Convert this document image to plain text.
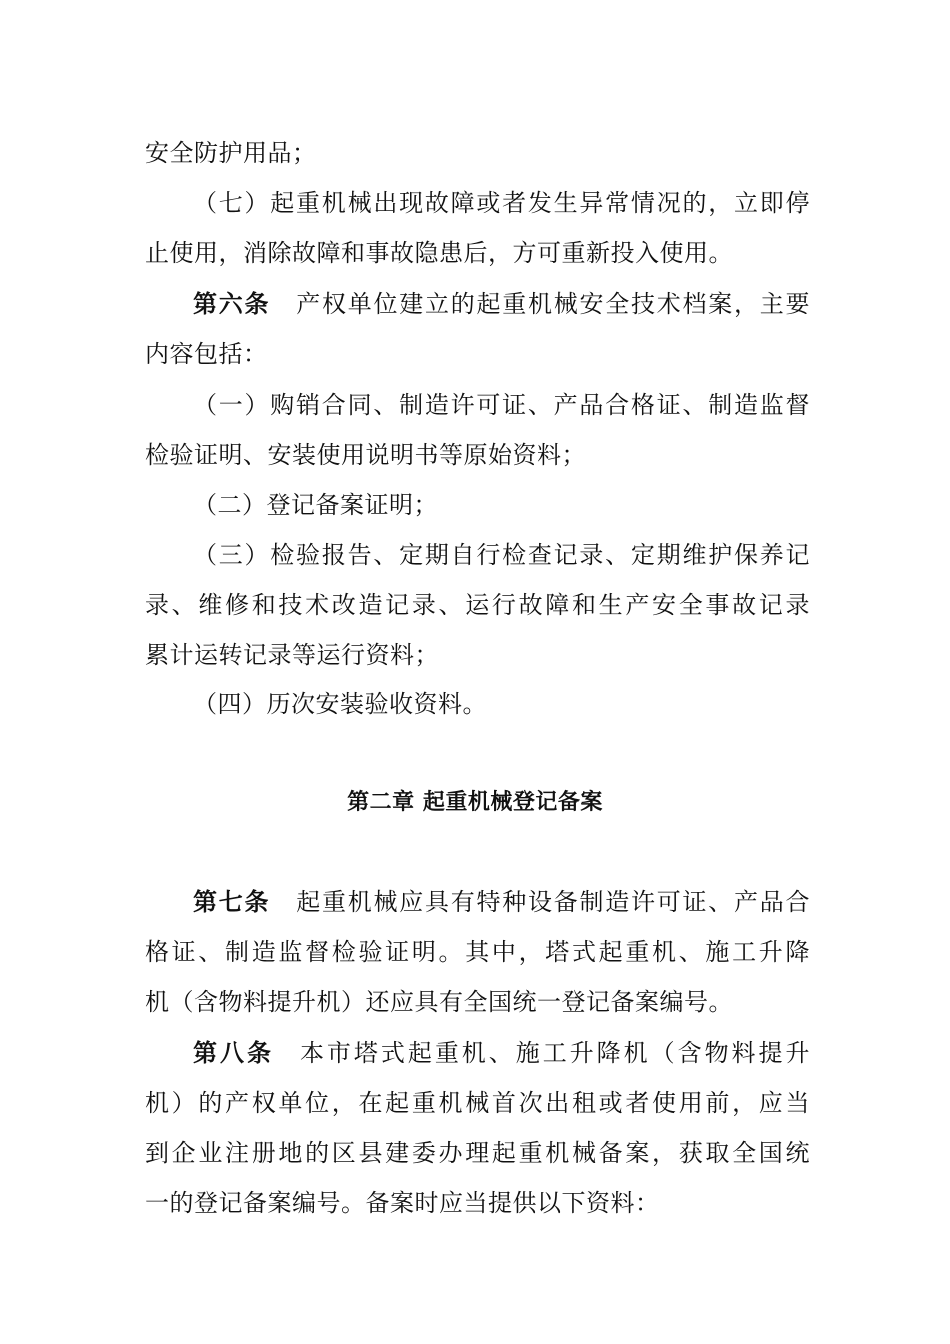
安全防护用品；
（七）起重机械出现故障或者发生异常情况的，立即停
止使用，消除故障和事故隐患后，方可重新投入使用。
第六条 产权单位建立的起重机械安全技术档案，主要
内容包括：
（一）购销合同、制造许可证、产品合格证、制造监督
检验证明、安装使用说明书等原始资料；
（二）登记备案证明；
（三）检验报告、定期自行检查记录、定期维护保养记
录、维修和技术改造记录、运行故障和生产安全事故记录
累计运转记录等运行资料；
（四）历次安装验收资料。
第二章 起重机械登记备案
第七条 起重机械应具有特种设备制造许可证、产品合
格证、制造监督检验证明。其中，塔式起重机、施工升降
机（含物料提升机）还应具有全国统一登记备案编号。
第八条 本市塔式起重机、施工升降机（含物料提升
机）的产权单位，在起重机械首次出租或者使用前，应当
到企业注册地的区县建委办理起重机械备案，获取全国统
一的登记备案编号。备案时应当提供以下资料：
